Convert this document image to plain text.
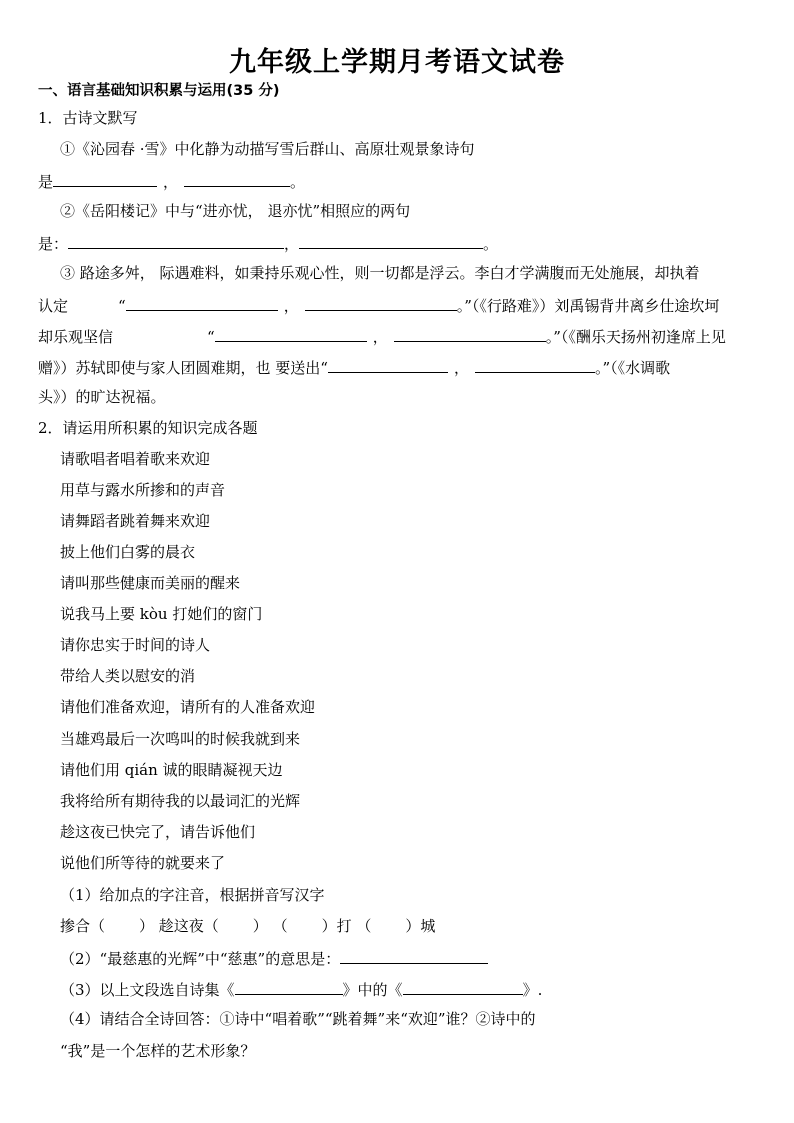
九年级上学期月考语文试卷
一、语言基础知识积累与运用(35 分)
1．古诗文默写
①《沁园春 ·雪》中化静为动描写雪后群山、高原壮观景象诗句
是	，	。
②《岳阳楼记》中与“进亦忧， 退亦忧”相照应的两句
是：	，	。
③ 路途多舛， 际遇难料，如秉持乐观心性，则一切都是浮云。李白才学满腹而无处施展，却执着
认定	“	，	。”（《行路难》）刘禹锡背井离乡仕途坎坷
却乐观坚信	“	，	。”（《酬乐天扬州初逢席上见
赠》）苏轼即使与家人团圆难期，也 要送出“	，	。”（《水调歌
头》）的旷达祝福。
2．请运用所积累的知识完成各题
请歌唱者唱着歌来欢迎
用草与露水所掺和的声音
请舞蹈者跳着舞来欢迎
披上他们白雾的晨衣
请叫那些健康而美丽的醒来
说我马上要 kòu 打她们的窗门
请你忠实于时间的诗人
带给人类以慰安的消
请他们准备欢迎，请所有的人准备欢迎
当雄鸡最后一次鸣叫的时候我就到来
请他们用 qián 诚的眼睛凝视天边
我将给所有期待我的以最词汇的光辉
趁这夜已快完了，请告诉他们
说他们所等待的就要来了
（1）给加点的字注音，根据拼音写汉字
掺合（ ） 趁这夜（ ） （ ）打 （ ）城
（2）“最慈惠的光辉”中“慈惠”的意思是：
（3）以上文段选自诗集《	》中的《	》.
（4）请结合全诗回答：①诗中“唱着歌”“跳着舞”来“欢迎”谁？②诗中的
“我”是一个怎样的艺术形象？
